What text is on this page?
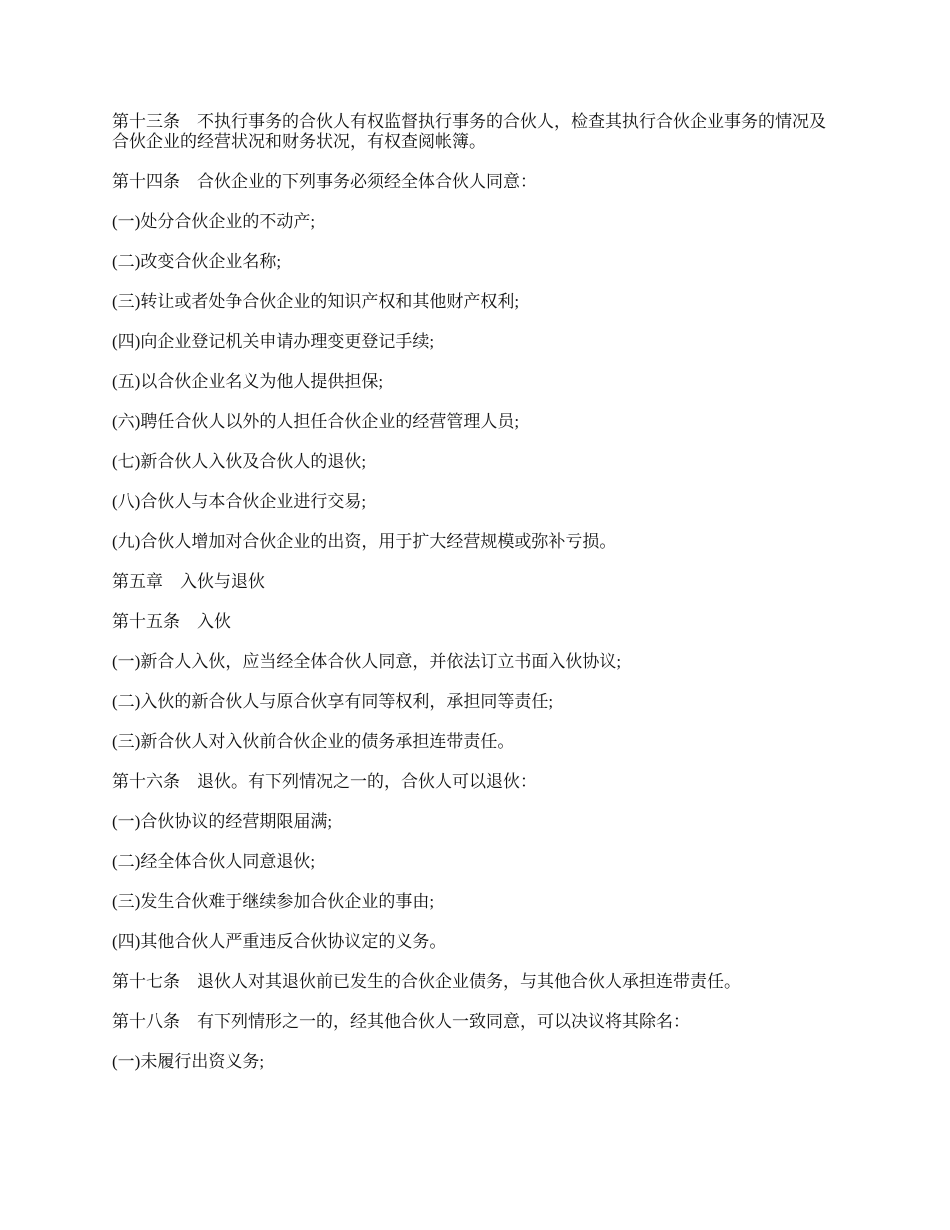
第十三条　不执行事务的合伙人有权监督执行事务的合伙人，检查其执行合伙企业事务的情况及合伙企业的经营状况和财务状况，有权查阅帐簿。

第十四条　合伙企业的下列事务必须经全体合伙人同意：

(一)处分合伙企业的不动产;

(二)改变合伙企业名称;

(三)转让或者处争合伙企业的知识产权和其他财产权利;

(四)向企业登记机关申请办理变更登记手续;

(五)以合伙企业名义为他人提供担保;

(六)聘任合伙人以外的人担任合伙企业的经营管理人员;

(七)新合伙人入伙及合伙人的退伙;

(八)合伙人与本合伙企业进行交易;

(九)合伙人增加对合伙企业的出资，用于扩大经营规模或弥补亏损。

第五章　入伙与退伙

第十五条　入伙

(一)新合人入伙，应当经全体合伙人同意，并依法订立书面入伙协议;

(二)入伙的新合伙人与原合伙享有同等权利，承担同等责任;

(三)新合伙人对入伙前合伙企业的债务承担连带责任。

第十六条　退伙。有下列情况之一的，合伙人可以退伙：

(一)合伙协议的经营期限届满;

(二)经全体合伙人同意退伙;

(三)发生合伙难于继续参加合伙企业的事由;

(四)其他合伙人严重违反合伙协议定的义务。

第十七条　退伙人对其退伙前已发生的合伙企业债务，与其他合伙人承担连带责任。

第十八条　有下列情形之一的，经其他合伙人一致同意，可以决议将其除名：

(一)未履行出资义务;
